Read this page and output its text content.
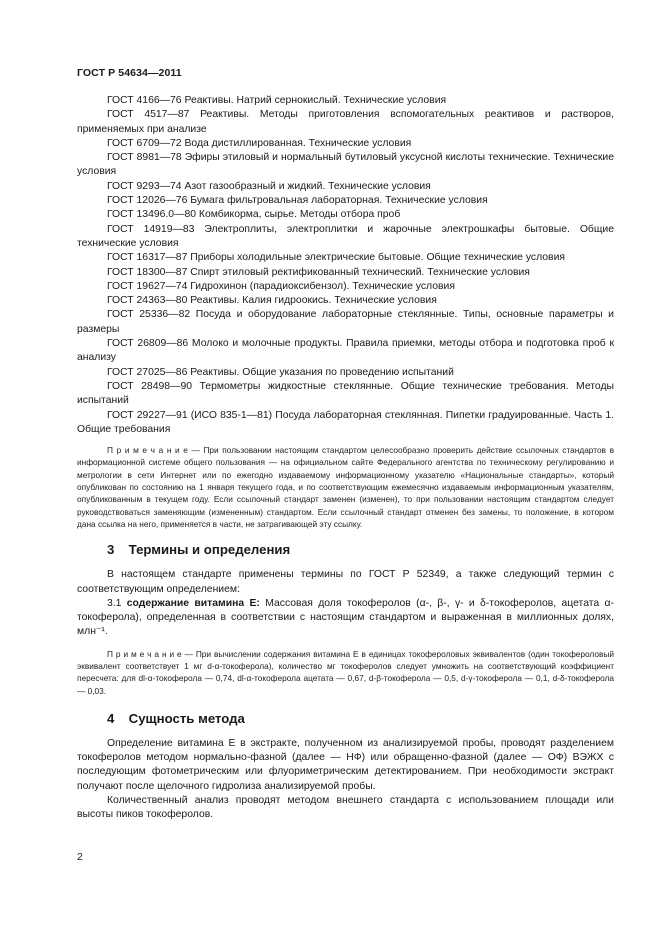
ГОСТ Р 54634—2011

ГОСТ 4166—76 Реактивы. Натрий сернокислый. Технические условия

ГОСТ 4517—87 Реактивы. Методы приготовления вспомогательных реактивов и растворов, применяемых при анализе

ГОСТ 6709—72 Вода дистиллированная. Технические условия

ГОСТ 8981—78 Эфиры этиловый и нормальный бутиловый уксусной кислоты технические. Технические условия

ГОСТ 9293—74 Азот газообразный и жидкий. Технические условия

ГОСТ 12026—76 Бумага фильтровальная лабораторная. Технические условия

ГОСТ 13496.0—80 Комбикорма, сырье. Методы отбора проб

ГОСТ 14919—83 Электроплиты, электроплитки и жарочные электрошкафы бытовые. Общие технические условия

ГОСТ 16317—87 Приборы холодильные электрические бытовые. Общие технические условия

ГОСТ 18300—87 Спирт этиловый ректификованный технический. Технические условия

ГОСТ 19627—74 Гидрохинон (парадиоксибензол). Технические условия

ГОСТ 24363—80 Реактивы. Калия гидроокись. Технические условия

ГОСТ 25336—82 Посуда и оборудование лабораторные стеклянные. Типы, основные параметры и размеры

ГОСТ 26809—86 Молоко и молочные продукты. Правила приемки, методы отбора и подготовка проб к анализу

ГОСТ 27025—86 Реактивы. Общие указания по проведению испытаний

ГОСТ 28498—90 Термометры жидкостные стеклянные. Общие технические требования. Методы испытаний

ГОСТ 29227—91 (ИСО 835-1—81) Посуда лабораторная стеклянная. Пипетки градуированные. Часть 1. Общие требования

П р и м е ч а н и е — При пользовании настоящим стандартом целесообразно проверить действие ссылочных стандартов в информационной системе общего пользования — на официальном сайте Федерального агентства по техническому регулированию и метрологии в сети Интернет или по ежегодно издаваемому информационному указателю «Национальные стандарты», который опубликован по состоянию на 1 января текущего года, и по соответствующим ежемесячно издаваемым информационным указателям, опубликованным в текущем году. Если ссылочный стандарт заменен (изменен), то при пользовании настоящим стандартом следует руководствоваться заменяющим (измененным) стандартом. Если ссылочный стандарт отменен без замены, то положение, в котором дана ссылка на него, применяется в части, не затрагивающей эту ссылку.

3 Термины и определения

В настоящем стандарте применены термины по ГОСТ Р 52349, а также следующий термин с соответствующим определением:

3.1 содержание витамина Е: Массовая доля токоферолов (α-, β-, γ- и δ-токоферолов, ацетата α-токоферола), определенная в соответствии с настоящим стандартом и выраженная в миллионных долях, млн⁻¹.

П р и м е ч а н и е — При вычислении содержания витамина Е в единицах токофероловых эквивалентов (один токофероловый эквивалент соответствует 1 мг d-α-токоферола), количество мг токоферолов следует умножить на соответствующий коэффициент пересчета: для dl-α-токоферола — 0,74, dl-α-токоферола ацетата — 0,67, d-β-токоферола — 0,5, d-γ-токоферола — 0,1, d-δ-токоферола — 0,03.

4 Сущность метода

Определение витамина Е в экстракте, полученном из анализируемой пробы, проводят разделением токоферолов методом нормально-фазной (далее — НФ) или обращенно-фазной (далее — ОФ) ВЭЖХ с последующим фотометрическим или флуориметрическим детектированием. При необходимости экстракт получают после щелочного гидролиза анализируемой пробы.

Количественный анализ проводят методом внешнего стандарта с использованием площади или высоты пиков токоферолов.

2
